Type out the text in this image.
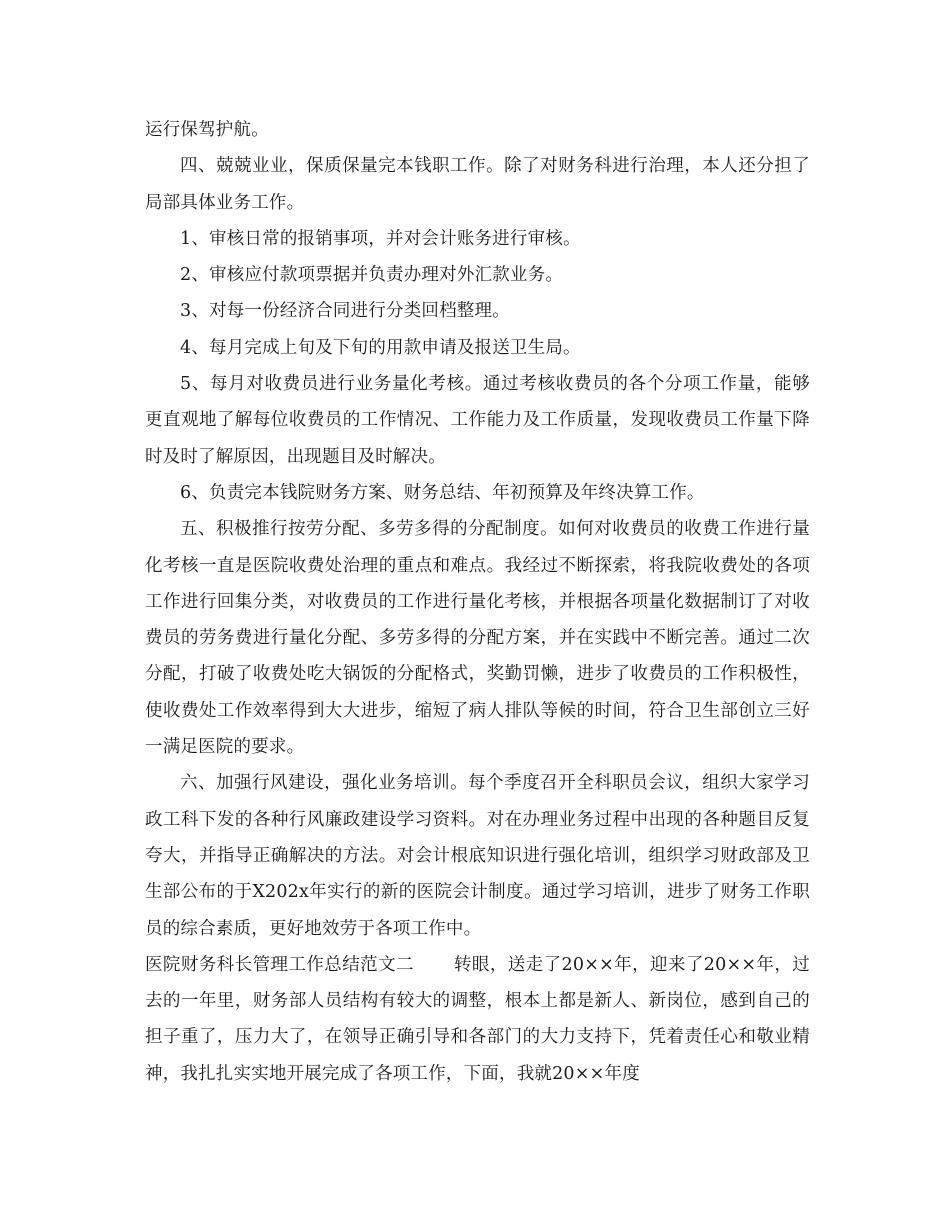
运行保驾护航。

四、兢兢业业，保质保量完本钱职工作。除了对财务科进行治理，本人还分担了局部具体业务工作。

1、审核日常的报销事项，并对会计账务进行审核。

2、审核应付款项票据并负责办理对外汇款业务。

3、对每一份经济合同进行分类回档整理。

4、每月完成上旬及下旬的用款申请及报送卫生局。

5、每月对收费员进行业务量化考核。通过考核收费员的各个分项工作量，能够更直观地了解每位收费员的工作情况、工作能力及工作质量，发现收费员工作量下降时及时了解原因，出现题目及时解决。

6、负责完本钱院财务方案、财务总结、年初预算及年终决算工作。

五、积极推行按劳分配、多劳多得的分配制度。如何对收费员的收费工作进行量化考核一直是医院收费处治理的重点和难点。我经过不断探索，将我院收费处的各项工作进行回集分类，对收费员的工作进行量化考核，并根据各项量化数据制订了对收费员的劳务费进行量化分配、多劳多得的分配方案，并在实践中不断完善。通过二次分配，打破了收费处吃大锅饭的分配格式，奖勤罚懒，进步了收费员的工作积极性，使收费处工作效率得到大大进步，缩短了病人排队等候的时间，符合卫生部创立三好一满足医院的要求。

六、加强行风建设，强化业务培训。每个季度召开全科职员会议，组织大家学习政工科下发的各种行风廉政建设学习资料。对在办理业务过程中出现的各种题目反复夸大，并指导正确解决的方法。对会计根底知识进行强化培训，组织学习财政部及卫生部公布的于X202x年实行的新的医院会计制度。通过学习培训，进步了财务工作职员的综合素质，更好地效劳于各项工作中。

医院财务科长管理工作总结范文二 转眼，送走了20××年，迎来了20××年，过去的一年里，财务部人员结构有较大的调整，根本上都是新人、新岗位，感到自己的担子重了，压力大了，在领导正确引导和各部门的大力支持下，凭着责任心和敬业精神，我扎扎实实地开展完成了各项工作，下面，我就20××年度
